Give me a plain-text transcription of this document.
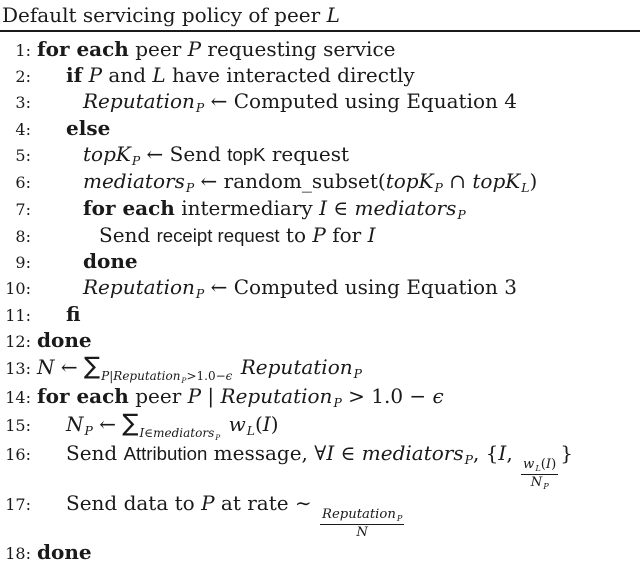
Default servicing policy of peer L
1: for each peer P requesting service
2:	if P and L have interacted directly
3:	ReputationP ← Computed using Equation 4
4:	else
5:	topKP ← Send topK request
6:	mediatorsP ← random_subset(topKP ∩ topKL)
7:	for each intermediary I ∈ mediatorsP
8:	Send receipt request to P for I
9:	done
10:	ReputationP ← Computed using Equation 3
11:	fi
12: done
13: N ← ∑P|ReputationP>1.0−ϵ ReputationP
14: for each peer P | ReputationP > 1.0 − ϵ
15:	NP ← ∑I∈mediatorsP wL(I)
16:	Send Attribution message, ∀I ∈ mediatorsP, {I,
$\frac{wL(I)}{NP}$
}
17:	Send data to P at rate ∼ ReputationP
N
18: done
